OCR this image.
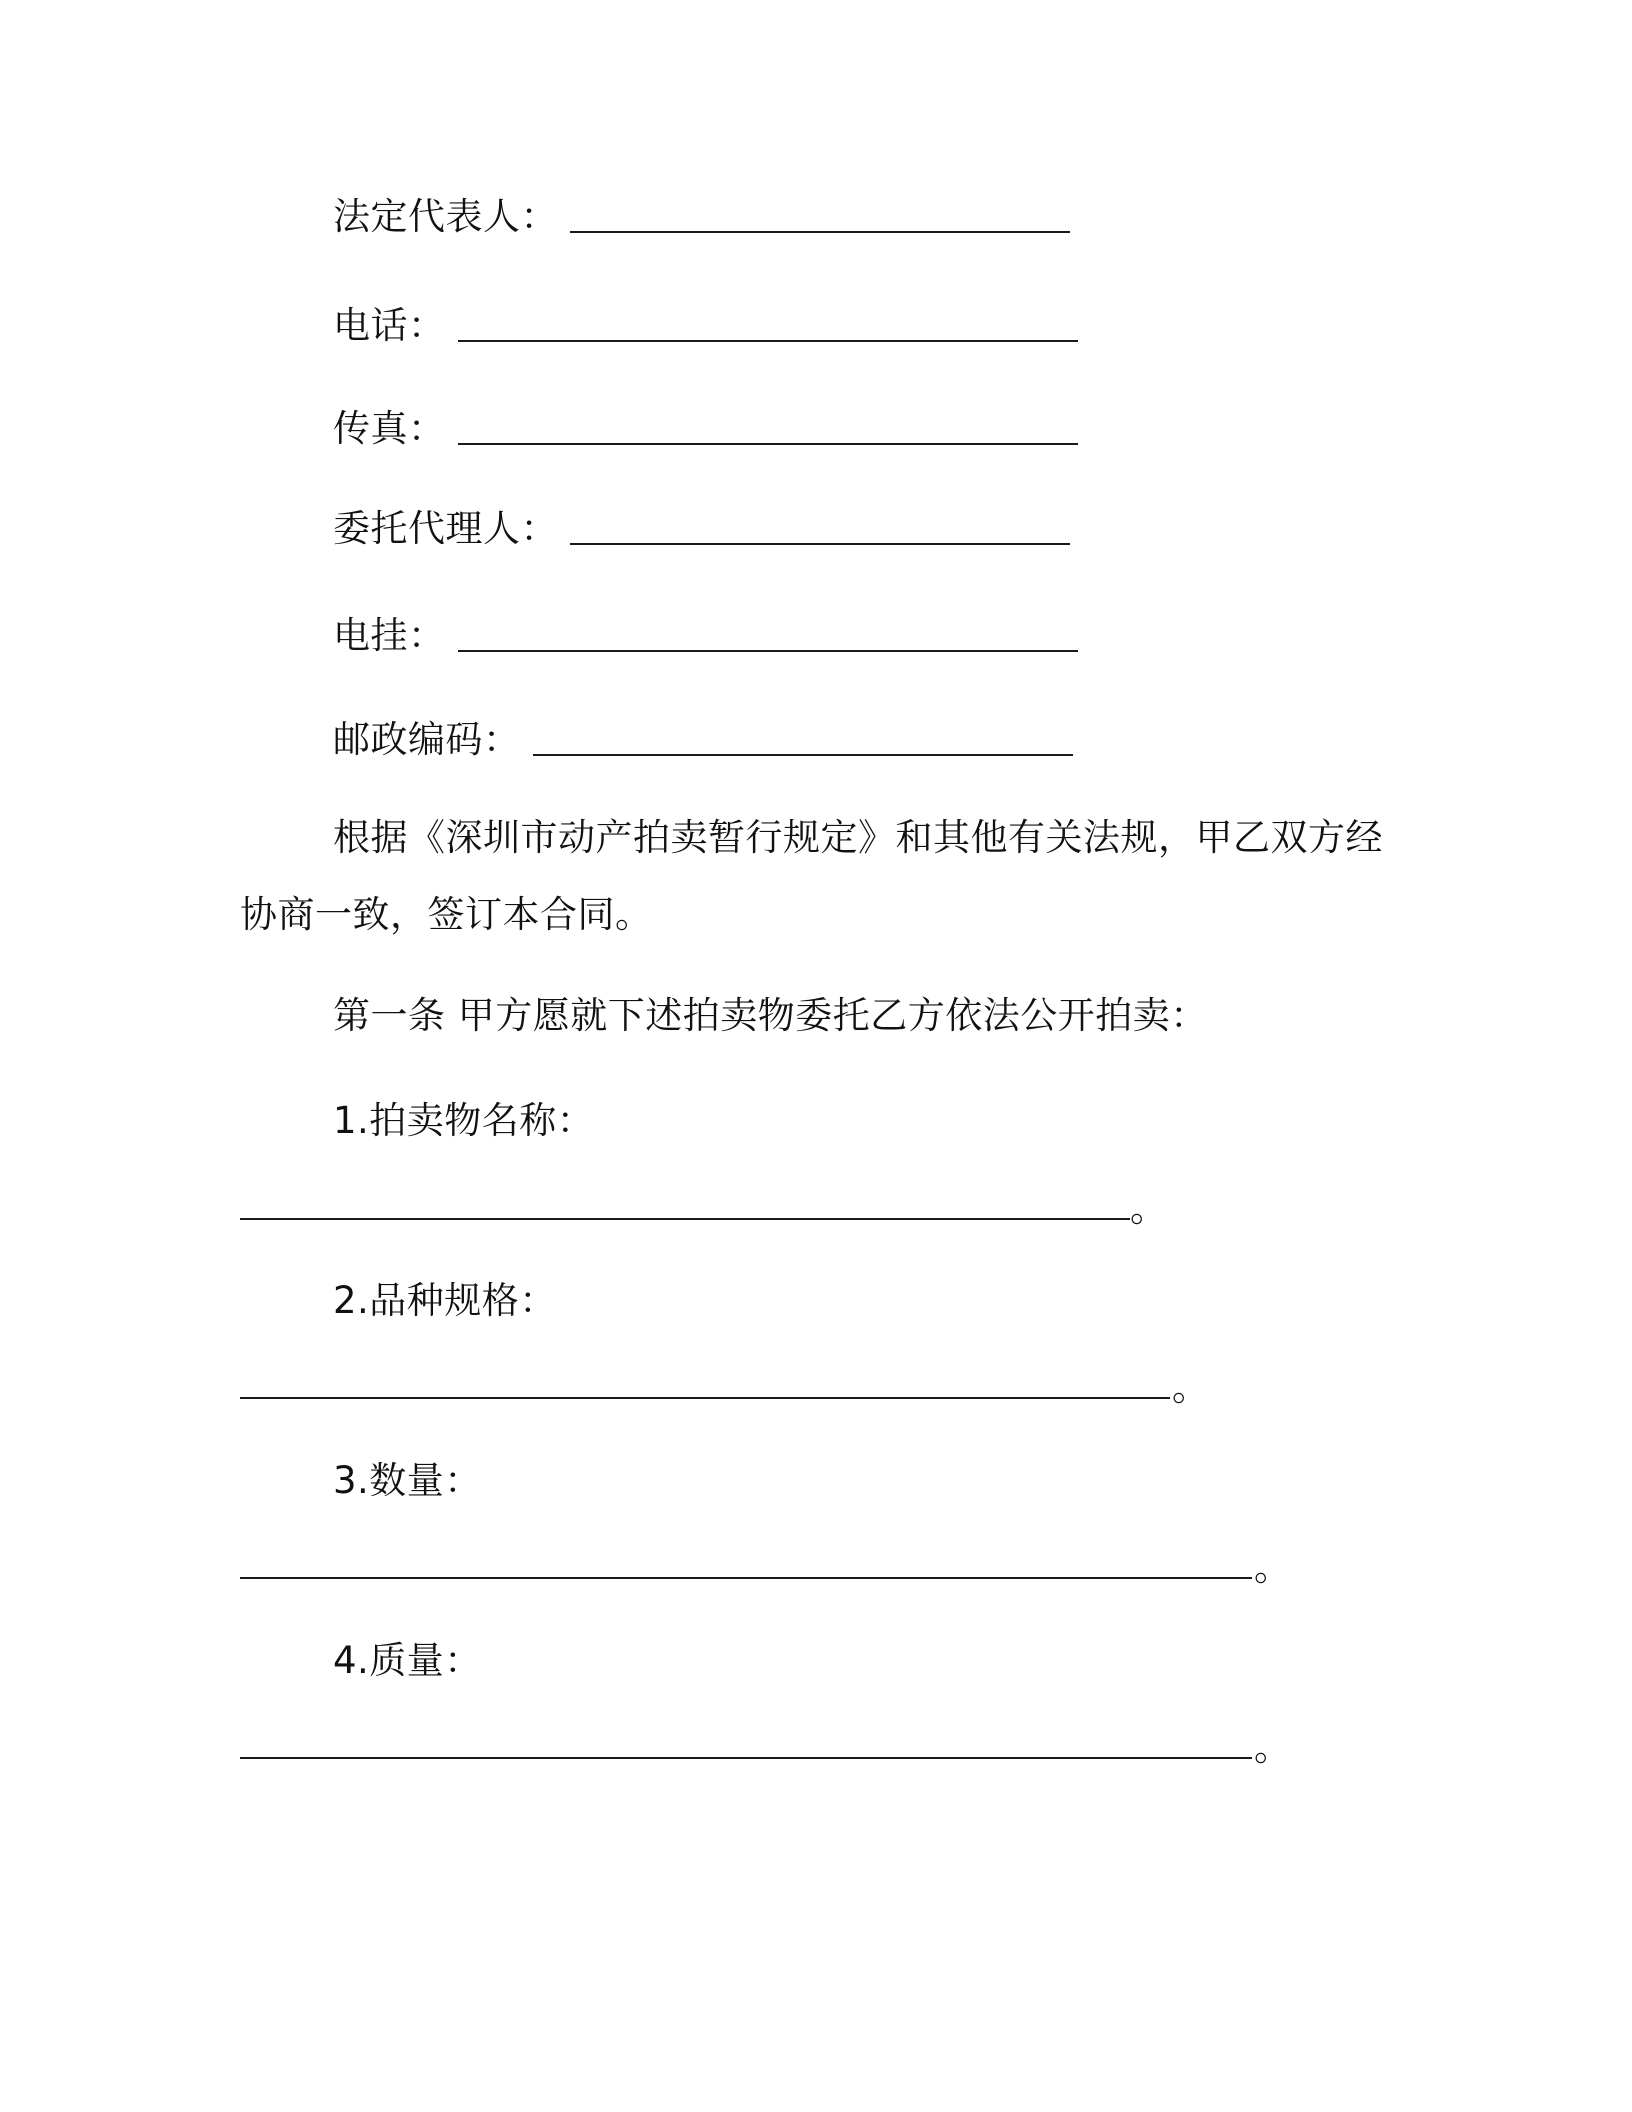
法定代表人：
电话：
传真：
委托代理人：
电挂：
邮政编码：
根据《深圳市动产拍卖暂行规定》和其他有关法规，甲乙双方经
协商一致，签订本合同。
第一条 甲方愿就下述拍卖物委托乙方依法公开拍卖：
1.拍卖物名称：
。
2.品种规格：
。
3.数量：
。
4.质量：
。
